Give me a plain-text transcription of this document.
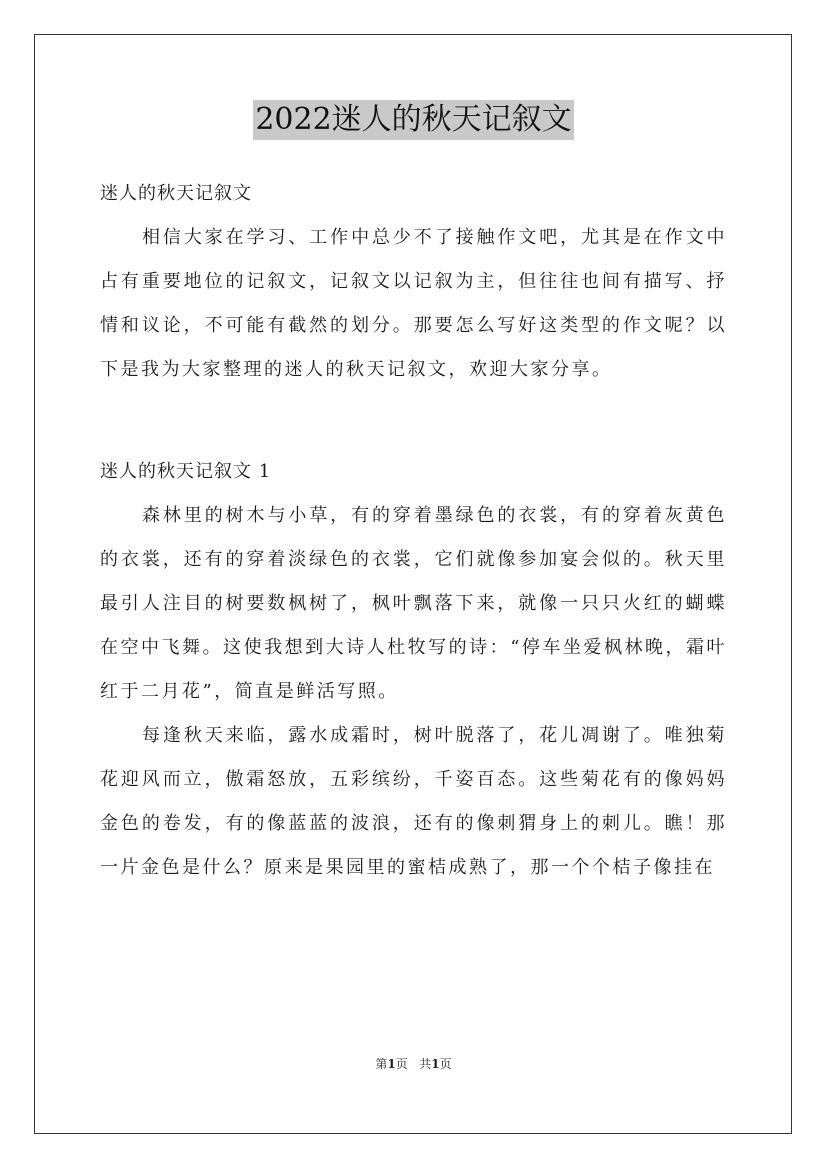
2022迷人的秋天记叙文

迷人的秋天记叙文

相信大家在学习、工作中总少不了接触作文吧，尤其是在作文中占有重要地位的记叙文，记叙文以记叙为主，但往往也间有描写、抒情和议论，不可能有截然的划分。那要怎么写好这类型的作文呢？以下是我为大家整理的迷人的秋天记叙文，欢迎大家分享。

迷人的秋天记叙文 1

森林里的树木与小草，有的穿着墨绿色的衣裳，有的穿着灰黄色的衣裳，还有的穿着淡绿色的衣裳，它们就像参加宴会似的。秋天里最引人注目的树要数枫树了，枫叶飘落下来，就像一只只火红的蝴蝶在空中飞舞。这使我想到大诗人杜牧写的诗：“停车坐爱枫林晚，霜叶红于二月花”，简直是鲜活写照。

每逢秋天来临，露水成霜时，树叶脱落了，花儿凋谢了。唯独菊花迎风而立，傲霜怒放，五彩缤纷，千姿百态。这些菊花有的像妈妈金色的卷发，有的像蓝蓝的波浪，还有的像刺猬身上的刺儿。瞧！那一片金色是什么？原来是果园里的蜜桔成熟了，那一个个桔子像挂在

第1页 共1页
